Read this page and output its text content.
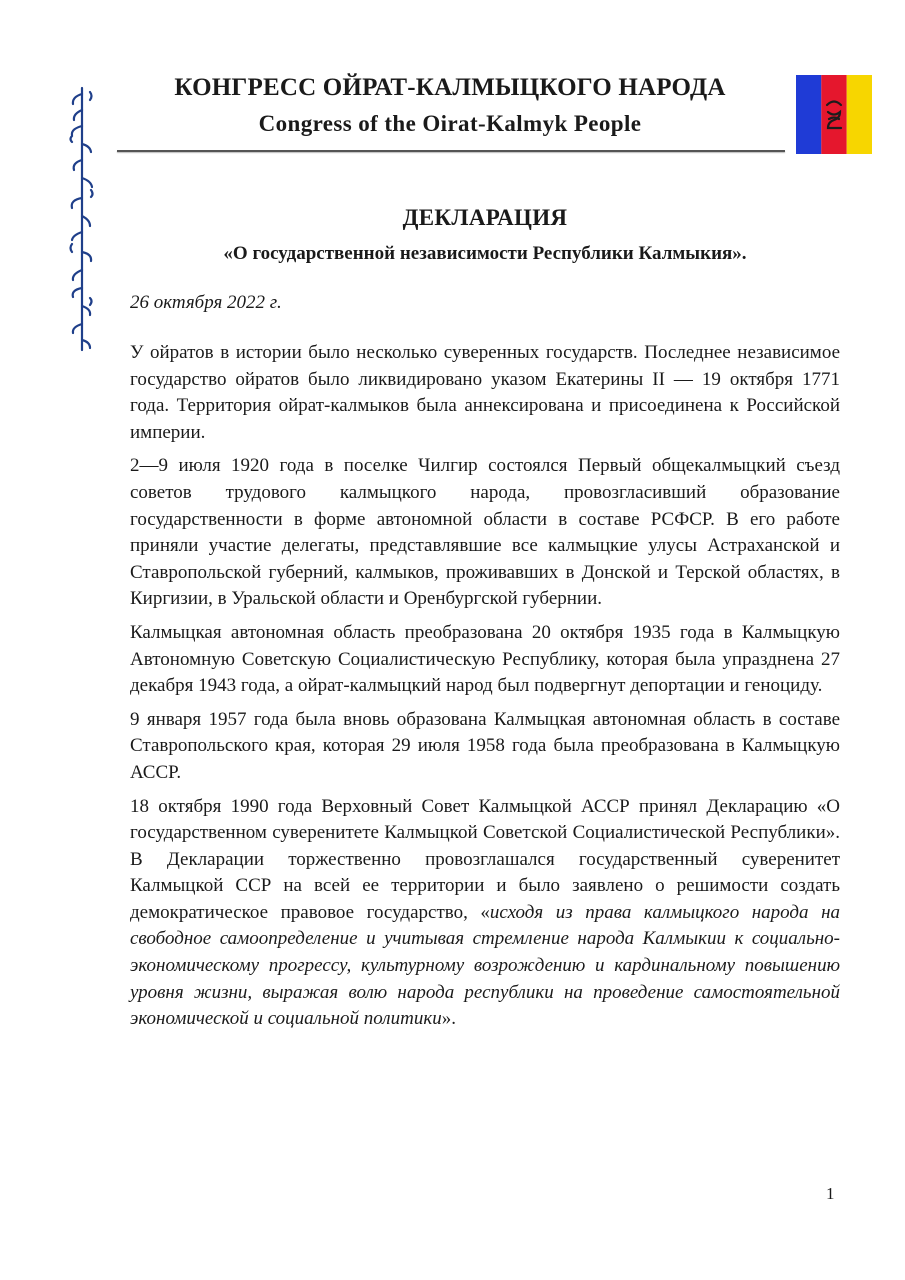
КОНГРЕСС ОЙРАТ-КАЛМЫЦКОГО НАРОДА
Congress of the Oirat-Kalmyk People
ДЕКЛАРАЦИЯ
«О государственной независимости Республики Калмыкия».
26 октября 2022 г.

У ойратов в истории было несколько суверенных государств. Последнее независимое государство ойратов было ликвидировано указом Екатерины II — 19 октября 1771 года. Территория ойрат-калмыков была аннексирована и присоединена к Российской империи.

2—9 июля 1920 года в поселке Чилгир состоялся Первый общекалмыцкий съезд советов трудового калмыцкого народа, провозгласивший образование государственности в форме автономной области в составе РСФСР. В его работе приняли участие делегаты, представлявшие все калмыцкие улусы Астраханской и Ставропольской губерний, калмыков, проживавших в Донской и Терской областях, в Киргизии, в Уральской области и Оренбургской губернии.

Калмыцкая автономная область преобразована 20 октября 1935 года в Калмыцкую Автономную Советскую Социалистическую Республику, которая была упразднена 27 декабря 1943 года, а ойрат-калмыцкий народ был подвергнут депортации и геноциду.

9 января 1957 года была вновь образована Калмыцкая автономная область в составе Ставропольского края, которая 29 июля 1958 года была преобразована в Калмыцкую АССР.

18 октября 1990 года Верховный Совет Калмыцкой АССР принял Декларацию «О государственном суверенитете Калмыцкой Советской Социалистической Республики». В Декларации торжественно провозглашался государственный суверенитет Калмыцкой ССР на всей ее территории и было заявлено о решимости создать демократическое правовое государство, «исходя из права калмыцкого народа на свободное самоопределение и учитывая стремление народа Калмыкии к социально-экономическому прогрессу, культурному возрождению и кардинальному повышению уровня жизни, выражая волю народа республики на проведение самостоятельной экономической и социальной политики».

1
